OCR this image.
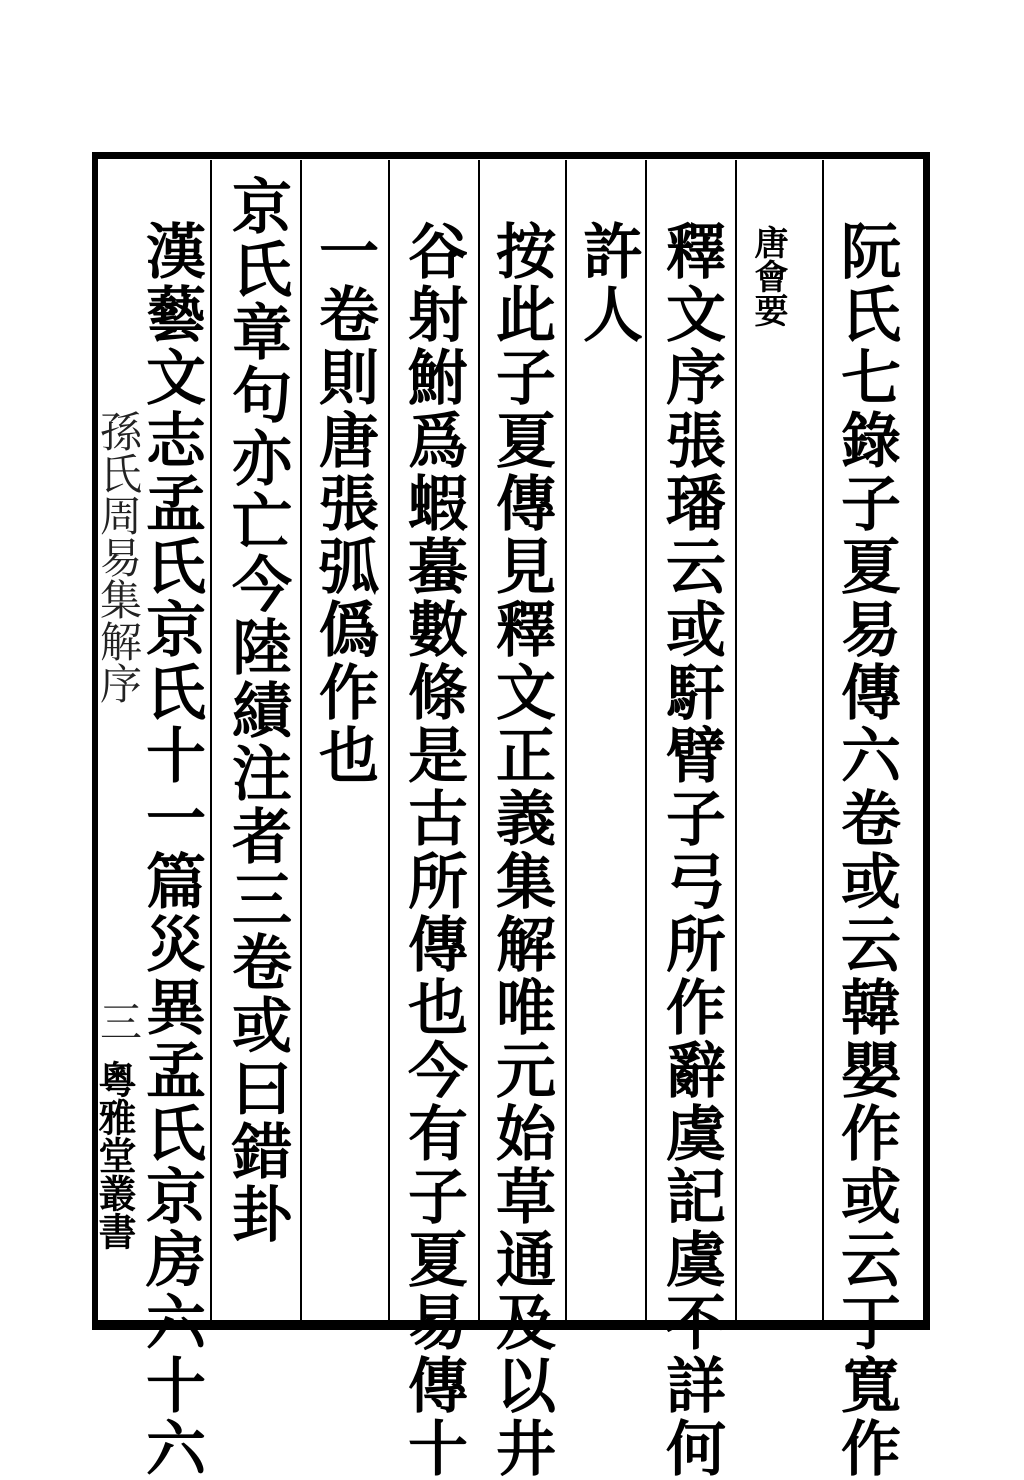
阮氏七錄子夏易傳六卷或云韓嬰作或云丁寬作
唐會要
釋文序張璠云或馯臂子弓所作辭虞記虞不詳何
許人
按此子夏傳見釋文正義集解唯元始草通及以井
谷射鮒爲蝦蟇數條是古所傳也今有子夏易傳十
一卷則唐張弧僞作也
京氏章句亦亡今陸績注者三卷或曰錯卦
漢藝文志孟氏京氏十一篇災異孟氏京房六十六
孫氏周易集解序
三
粵雅堂叢書
